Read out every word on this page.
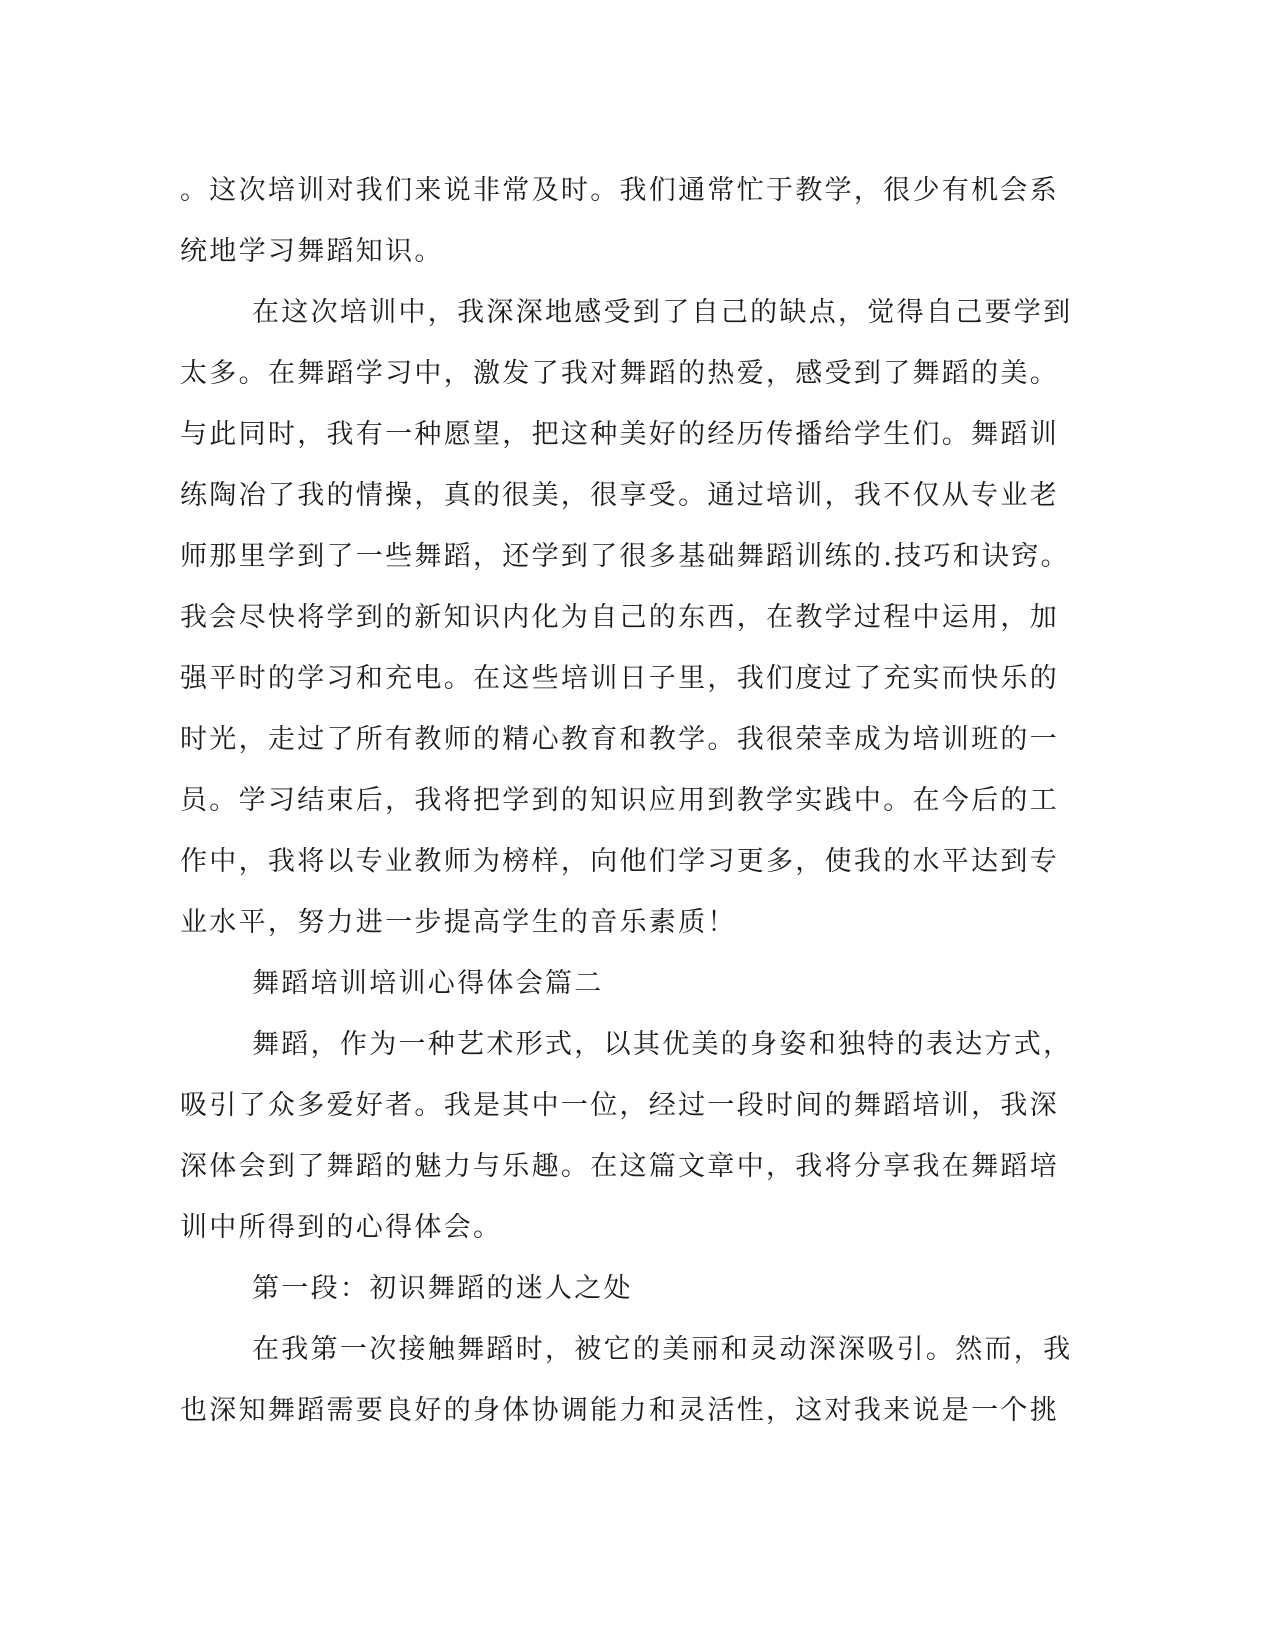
。这次培训对我们来说非常及时。我们通常忙于教学，很少有机会系
统地学习舞蹈知识。
在这次培训中，我深深地感受到了自己的缺点，觉得自己要学到
太多。在舞蹈学习中，激发了我对舞蹈的热爱，感受到了舞蹈的美。
与此同时，我有一种愿望，把这种美好的经历传播给学生们。舞蹈训
练陶冶了我的情操，真的很美，很享受。通过培训，我不仅从专业老
师那里学到了一些舞蹈，还学到了很多基础舞蹈训练的.技巧和诀窍。
我会尽快将学到的新知识内化为自己的东西，在教学过程中运用，加
强平时的学习和充电。在这些培训日子里，我们度过了充实而快乐的
时光，走过了所有教师的精心教育和教学。我很荣幸成为培训班的一
员。学习结束后，我将把学到的知识应用到教学实践中。在今后的工
作中，我将以专业教师为榜样，向他们学习更多，使我的水平达到专
业水平，努力进一步提高学生的音乐素质！
舞蹈培训培训心得体会篇二
舞蹈，作为一种艺术形式，以其优美的身姿和独特的表达方式，
吸引了众多爱好者。我是其中一位，经过一段时间的舞蹈培训，我深
深体会到了舞蹈的魅力与乐趣。在这篇文章中，我将分享我在舞蹈培
训中所得到的心得体会。
第一段：初识舞蹈的迷人之处
在我第一次接触舞蹈时，被它的美丽和灵动深深吸引。然而，我
也深知舞蹈需要良好的身体协调能力和灵活性，这对我来说是一个挑
